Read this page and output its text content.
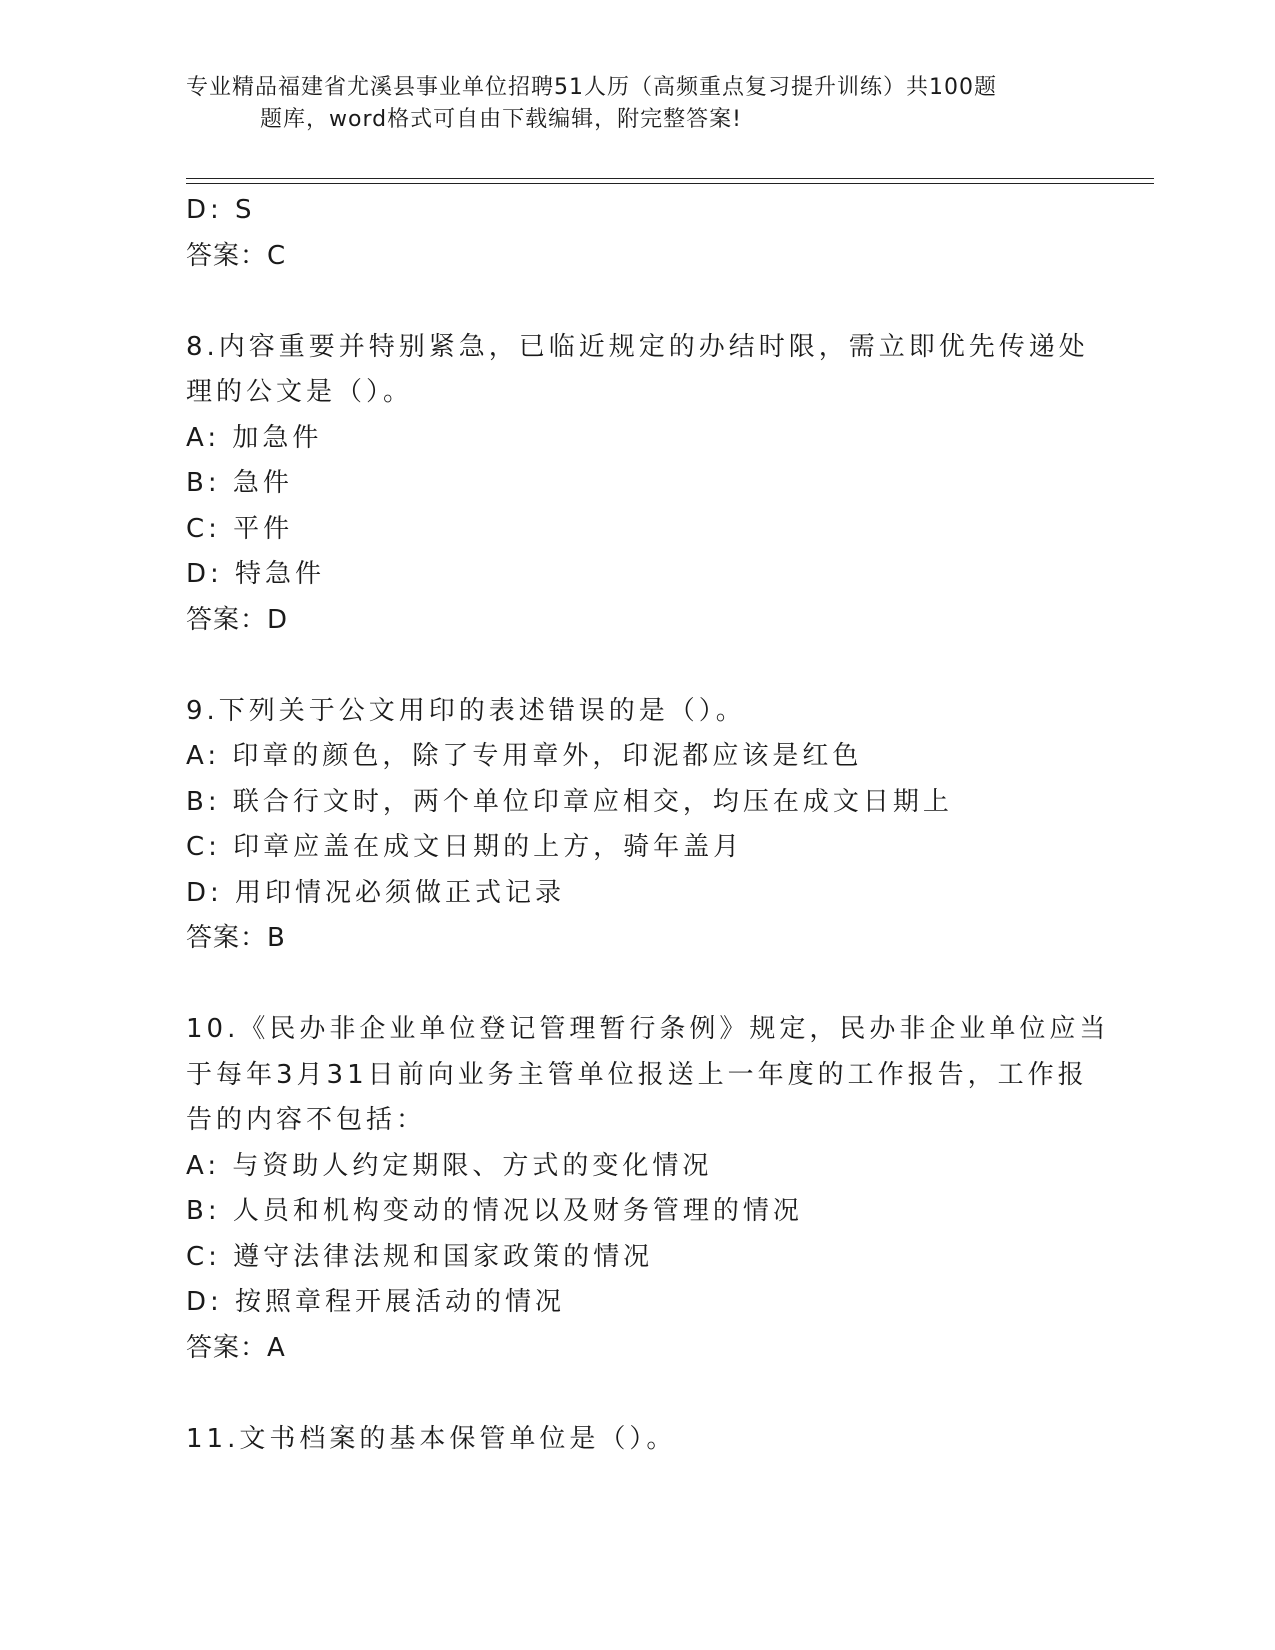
专业精品福建省尤溪县事业单位招聘51人历（高频重点复习提升训练）共100题
题库，word格式可自由下载编辑，附完整答案!
D: S
答案：C
8.内容重要并特别紧急，已临近规定的办结时限，需立即优先传递处
理的公文是（）。
A: 加急件
B: 急件
C: 平件
D: 特急件
答案：D
9.下列关于公文用印的表述错误的是（）。
A: 印章的颜色，除了专用章外，印泥都应该是红色
B: 联合行文时，两个单位印章应相交，均压在成文日期上
C: 印章应盖在成文日期的上方，骑年盖月
D: 用印情况必须做正式记录
答案：B
10.《民办非企业单位登记管理暂行条例》规定，民办非企业单位应当
于每年3月31日前向业务主管单位报送上一年度的工作报告，工作报
告的内容不包括：
A: 与资助人约定期限、方式的变化情况
B: 人员和机构变动的情况以及财务管理的情况
C: 遵守法律法规和国家政策的情况
D: 按照章程开展活动的情况
答案：A
11.文书档案的基本保管单位是（）。
